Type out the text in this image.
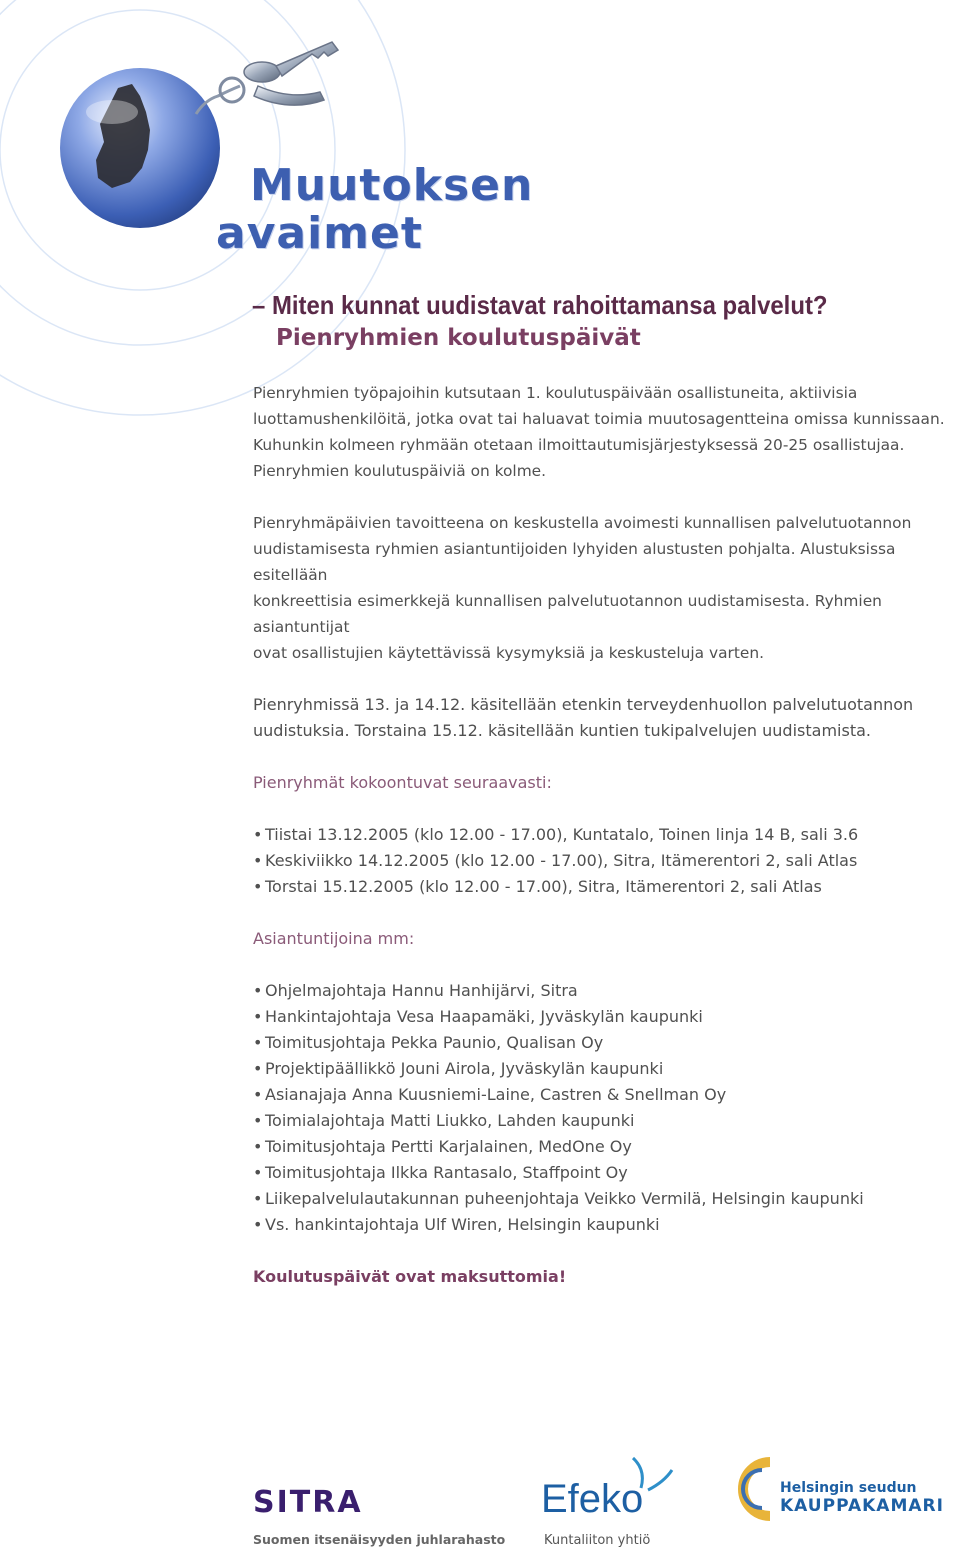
Muutoksen
avaimet
– Miten kunnat uudistavat rahoittamansa palvelut?
Pienryhmien koulutuspäivät

Pienryhmien työpajoihin kutsutaan 1. koulutuspäivään osallistuneita, aktiivisia
luottamushenkilöitä, jotka ovat tai haluavat toimia muutosagentteina omissa kunnissaan.
Kuhunkin kolmeen ryhmään otetaan ilmoittautumisjärjestyksessä 20-25 osallistujaa.
Pienryhmien koulutuspäiviä on kolme.

Pienryhmäpäivien tavoitteena on keskustella avoimesti kunnallisen palvelutuotannon
uudistamisesta ryhmien asiantuntijoiden lyhyiden alustusten pohjalta. Alustuksissa esitellään
konkreettisia esimerkkejä kunnallisen palvelutuotannon uudistamisesta. Ryhmien asiantuntijat
ovat osallistujien käytettävissä kysymyksiä ja keskusteluja varten.

Pienryhmissä 13. ja 14.12. käsitellään etenkin terveydenhuollon palvelutuotannon
uudistuksia. Torstaina 15.12. käsitellään kuntien tukipalvelujen uudistamista.

Pienryhmät kokoontuvat seuraavasti:

• Tiistai 13.12.2005 (klo 12.00 - 17.00), Kuntatalo, Toinen linja 14 B, sali 3.6
• Keskiviikko 14.12.2005 (klo 12.00 - 17.00), Sitra, Itämerentori 2, sali Atlas
• Torstai 15.12.2005 (klo 12.00 - 17.00), Sitra, Itämerentori 2, sali Atlas

Asiantuntijoina mm:

• Ohjelmajohtaja Hannu Hanhijärvi, Sitra
• Hankintajohtaja Vesa Haapamäki, Jyväskylän kaupunki
• Toimitusjohtaja Pekka Paunio, Qualisan Oy
• Projektipäällikkö Jouni Airola, Jyväskylän kaupunki
• Asianajaja Anna Kuusniemi-Laine, Castren & Snellman Oy
• Toimialajohtaja Matti Liukko, Lahden kaupunki
• Toimitusjohtaja Pertti Karjalainen, MedOne Oy
• Toimitusjohtaja Ilkka Rantasalo, Staffpoint Oy
• Liikepalvelulautakunnan puheenjohtaja Veikko Vermilä, Helsingin kaupunki
• Vs. hankintajohtaja Ulf Wiren, Helsingin kaupunki

Koulutuspäivät ovat maksuttomia!

SITRA

Suomen itsenäisyyden juhlarahasto

Efeko

Kuntaliiton yhtiö

Helsingin seudun

KAUPPAKAMARI
